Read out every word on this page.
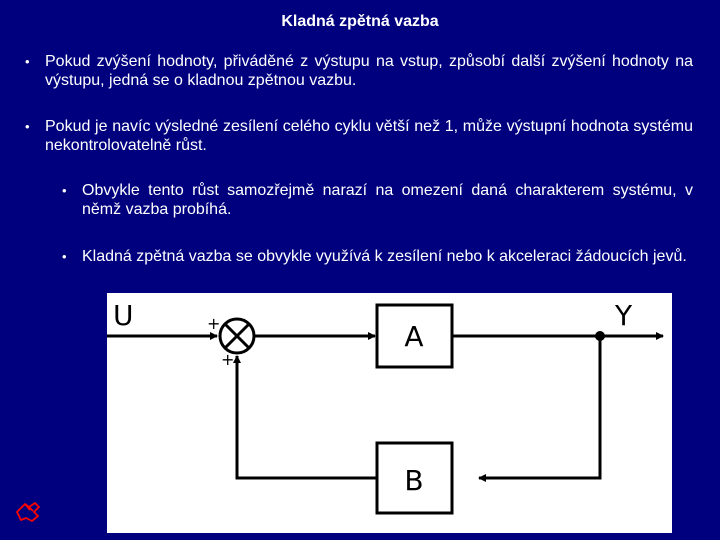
Kladná zpětná vazba
• Pokud zvýšení hodnoty, přiváděné z výstupu na vstup, způsobí další zvýšení hodnoty na výstupu, jedná se o kladnou zpětnou vazbu.
• Pokud je navíc výsledné zesílení celého cyklu větší než 1, může výstupní hodnota systému nekontrolovatelně růst.
• Obvykle tento růst samozřejmě narazí na omezení daná charakterem systému, v němž vazba probíhá.
• Kladná zpětná vazba se obvykle využívá k zesílení nebo k akceleraci žádoucích jevů.
U	Y
A
B
+
+
